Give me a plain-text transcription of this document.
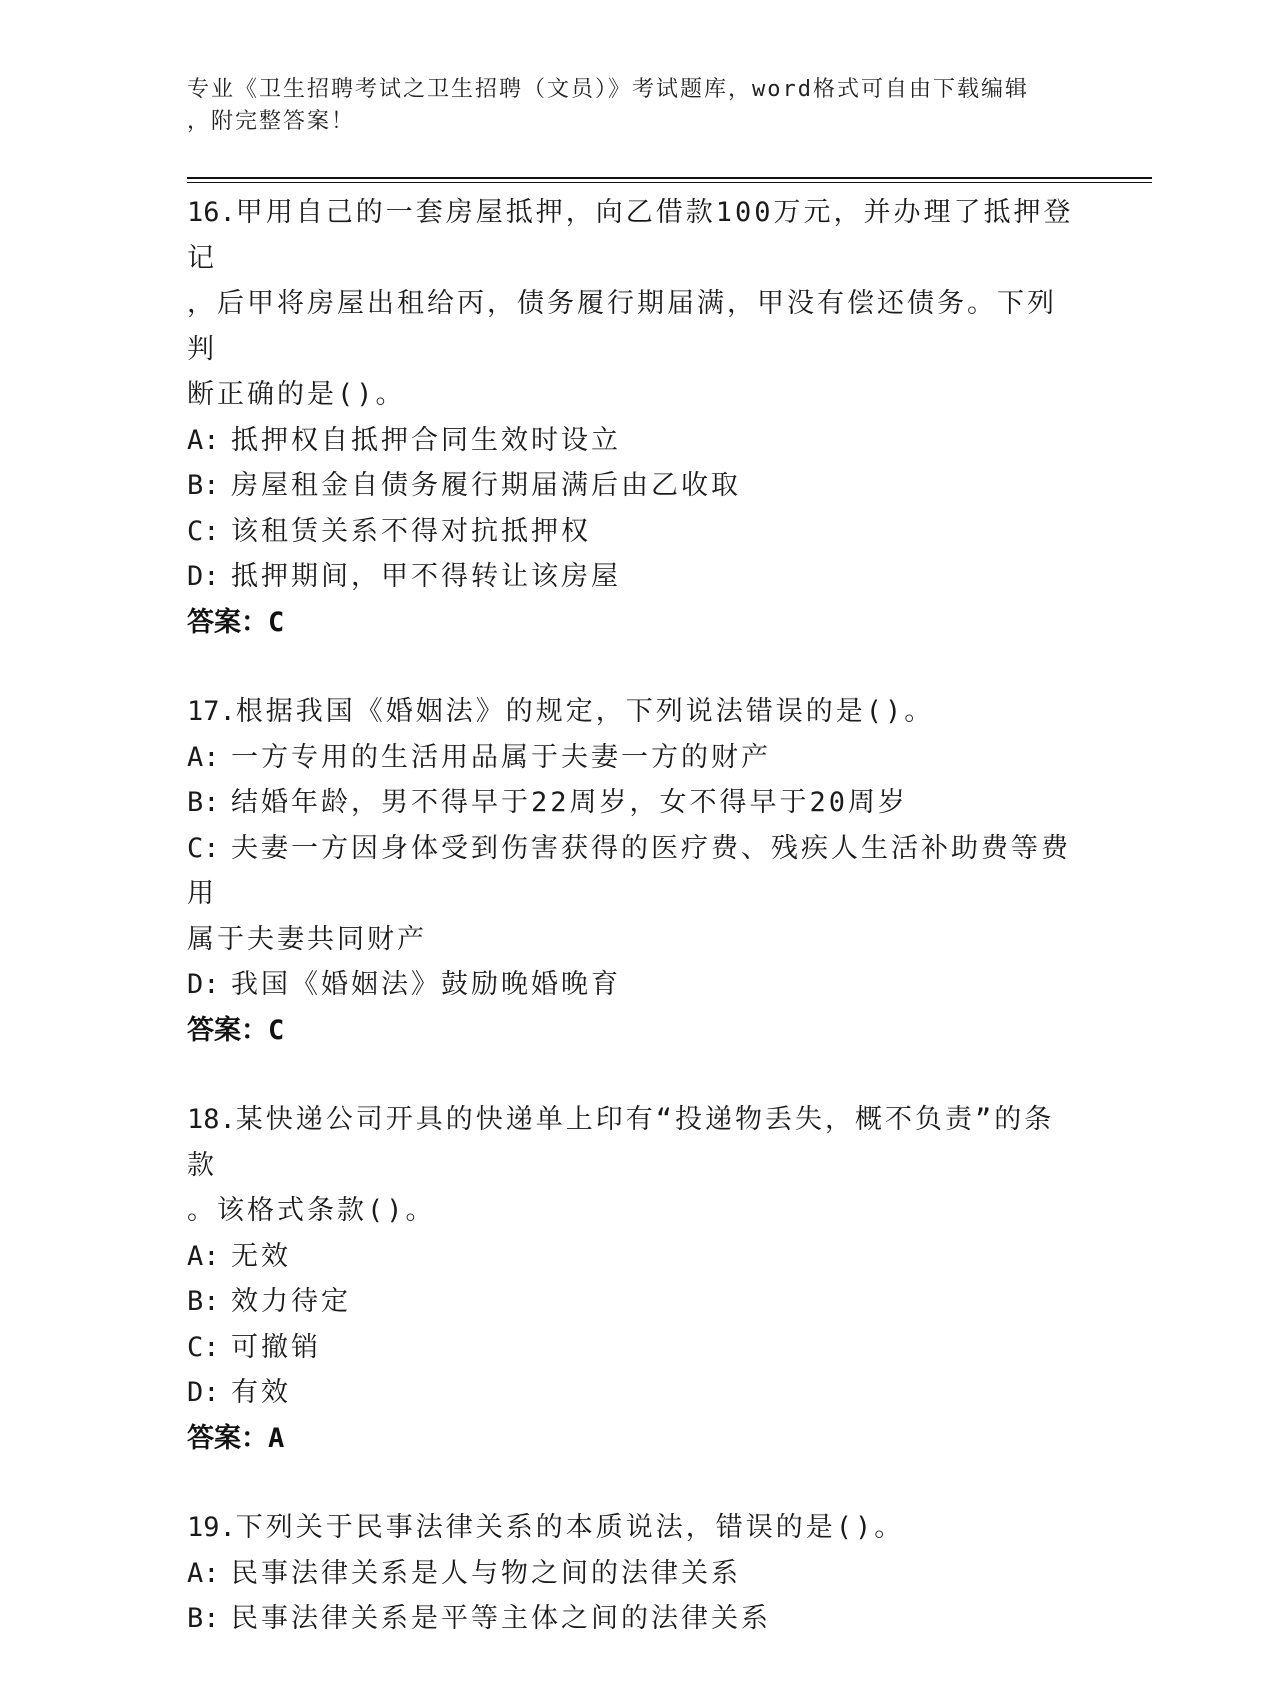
专业《卫生招聘考试之卫生招聘（文员）》考试题库，word格式可自由下载编辑
，附完整答案！
16.甲用自己的一套房屋抵押，向乙借款100万元，并办理了抵押登记
，后甲将房屋出租给丙，债务履行期届满，甲没有偿还债务。下列判
断正确的是()。
A: 抵押权自抵押合同生效时设立
B: 房屋租金自债务履行期届满后由乙收取
C: 该租赁关系不得对抗抵押权
D: 抵押期间，甲不得转让该房屋
答案：C
17.根据我国《婚姻法》的规定，下列说法错误的是()。
A: 一方专用的生活用品属于夫妻一方的财产
B: 结婚年龄，男不得早于22周岁，女不得早于20周岁
C: 夫妻一方因身体受到伤害获得的医疗费、残疾人生活补助费等费用
属于夫妻共同财产
D: 我国《婚姻法》鼓励晚婚晚育
答案：C
18.某快递公司开具的快递单上印有“投递物丢失，概不负责”的条款
。该格式条款()。
A: 无效
B: 效力待定
C: 可撤销
D: 有效
答案：A
19.下列关于民事法律关系的本质说法，错误的是()。
A: 民事法律关系是人与物之间的法律关系
B: 民事法律关系是平等主体之间的法律关系
